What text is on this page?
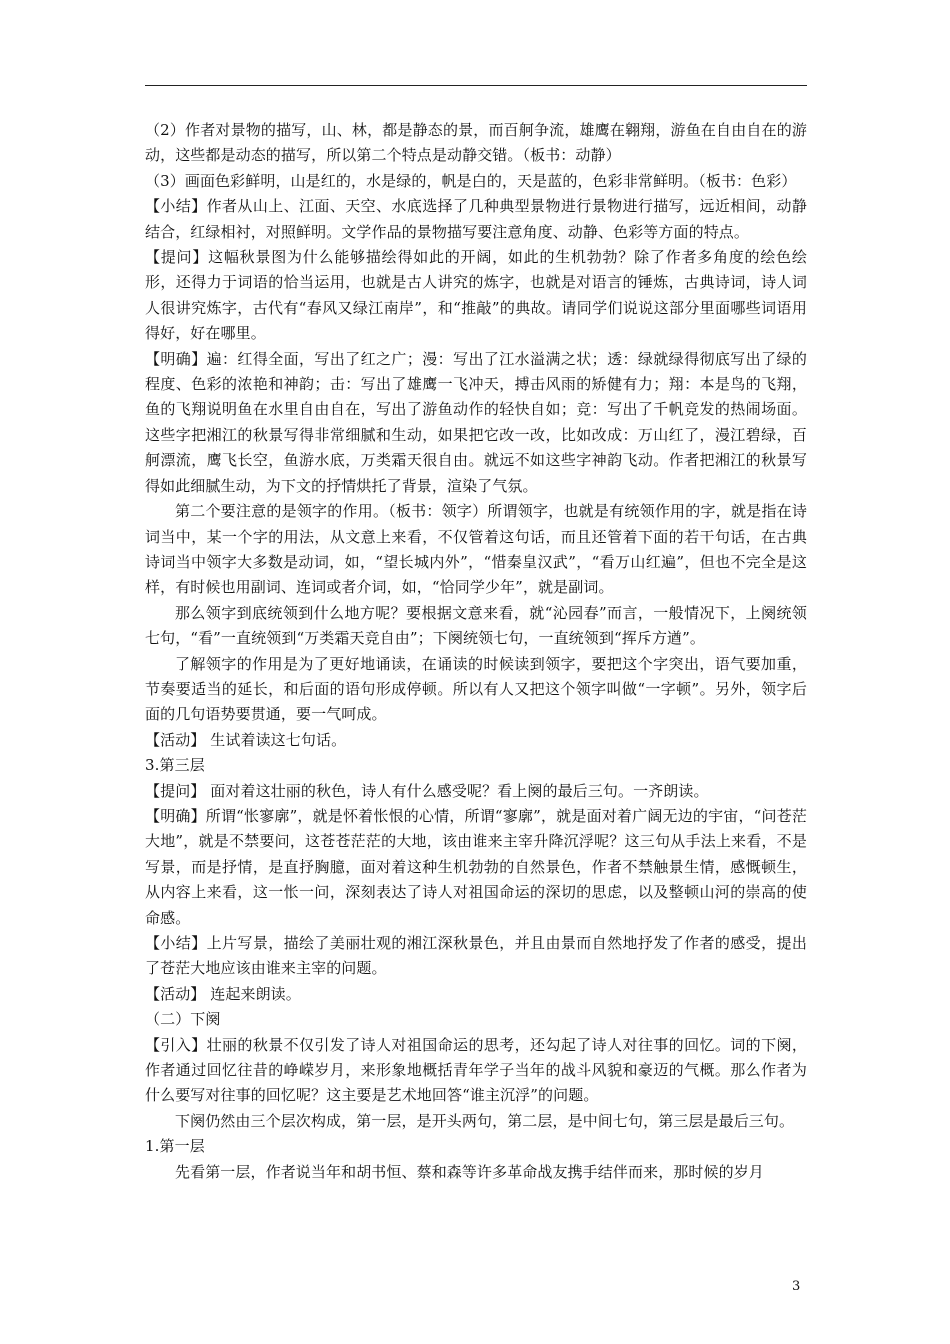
（2）作者对景物的描写，山、林，都是静态的景，而百舸争流，雄鹰在翱翔，游鱼在自由自在的游动，这些都是动态的描写，所以第二个特点是动静交错。（板书：动静）

（3）画面色彩鲜明，山是红的，水是绿的，帆是白的，天是蓝的，色彩非常鲜明。（板书：色彩）

【小结】作者从山上、江面、天空、水底选择了几种典型景物进行景物进行描写，远近相间，动静结合，红绿相衬，对照鲜明。文学作品的景物描写要注意角度、动静、色彩等方面的特点。

【提问】这幅秋景图为什么能够描绘得如此的开阔，如此的生机勃勃？除了作者多角度的绘色绘形，还得力于词语的恰当运用，也就是古人讲究的炼字，也就是对语言的锤炼，古典诗词，诗人词人很讲究炼字，古代有“春风又绿江南岸”，和“推敲”的典故。请同学们说说这部分里面哪些词语用得好，好在哪里。

【明确】遍：红得全面，写出了红之广；漫：写出了江水溢满之状；透：绿就绿得彻底写出了绿的程度、色彩的浓艳和神韵；击：写出了雄鹰一飞冲天，搏击风雨的矫健有力；翔：本是鸟的飞翔，鱼的飞翔说明鱼在水里自由自在，写出了游鱼动作的轻快自如；竞：写出了千帆竞发的热闹场面。这些字把湘江的秋景写得非常细腻和生动，如果把它改一改，比如改成：万山红了，漫江碧绿，百舸漂流，鹰飞长空，鱼游水底，万类霜天很自由。就远不如这些字神韵飞动。作者把湘江的秋景写得如此细腻生动，为下文的抒情烘托了背景，渲染了气氛。

第二个要注意的是领字的作用。（板书：领字）所谓领字，也就是有统领作用的字，就是指在诗词当中，某一个字的用法，从文意上来看，不仅管着这句话，而且还管着下面的若干句话，在古典诗词当中领字大多数是动词，如，“望长城内外”，“惜秦皇汉武”，“看万山红遍”，但也不完全是这样，有时候也用副词、连词或者介词，如，“恰同学少年”，就是副词。

那么领字到底统领到什么地方呢？要根据文意来看，就“沁园春”而言，一般情况下，上阕统领七句，“看”一直统领到“万类霜天竞自由”；下阕统领七句，一直统领到“挥斥方遒”。

了解领字的作用是为了更好地诵读，在诵读的时候读到领字，要把这个字突出，语气要加重，节奏要适当的延长，和后面的语句形成停顿。所以有人又把这个领字叫做“一字顿”。另外，领字后面的几句语势要贯通，要一气呵成。

【活动】 生试着读这七句话。

3.第三层

【提问】 面对着这壮丽的秋色，诗人有什么感受呢？看上阕的最后三句。一齐朗读。

【明确】所谓“怅寥廓”，就是怀着怅恨的心情，所谓“寥廓”，就是面对着广阔无边的宇宙，“问苍茫大地”，就是不禁要问，这苍苍茫茫的大地，该由谁来主宰升降沉浮呢？这三句从手法上来看，不是写景，而是抒情，是直抒胸臆，面对着这种生机勃勃的自然景色，作者不禁触景生情，感慨顿生，从内容上来看，这一怅一问，深刻表达了诗人对祖国命运的深切的思虑，以及整顿山河的崇高的使命感。

【小结】上片写景，描绘了美丽壮观的湘江深秋景色，并且由景而自然地抒发了作者的感受，提出了苍茫大地应该由谁来主宰的问题。

【活动】 连起来朗读。

（二）下阕

【引入】壮丽的秋景不仅引发了诗人对祖国命运的思考，还勾起了诗人对往事的回忆。词的下阕，作者通过回忆往昔的峥嵘岁月，来形象地概括青年学子当年的战斗风貌和豪迈的气概。那么作者为什么要写对往事的回忆呢？这主要是艺术地回答“谁主沉浮”的问题。

下阕仍然由三个层次构成，第一层，是开头两句，第二层，是中间七句，第三层是最后三句。

1.第一层

先看第一层，作者说当年和胡书恒、蔡和森等许多革命战友携手结伴而来，那时候的岁月

3
